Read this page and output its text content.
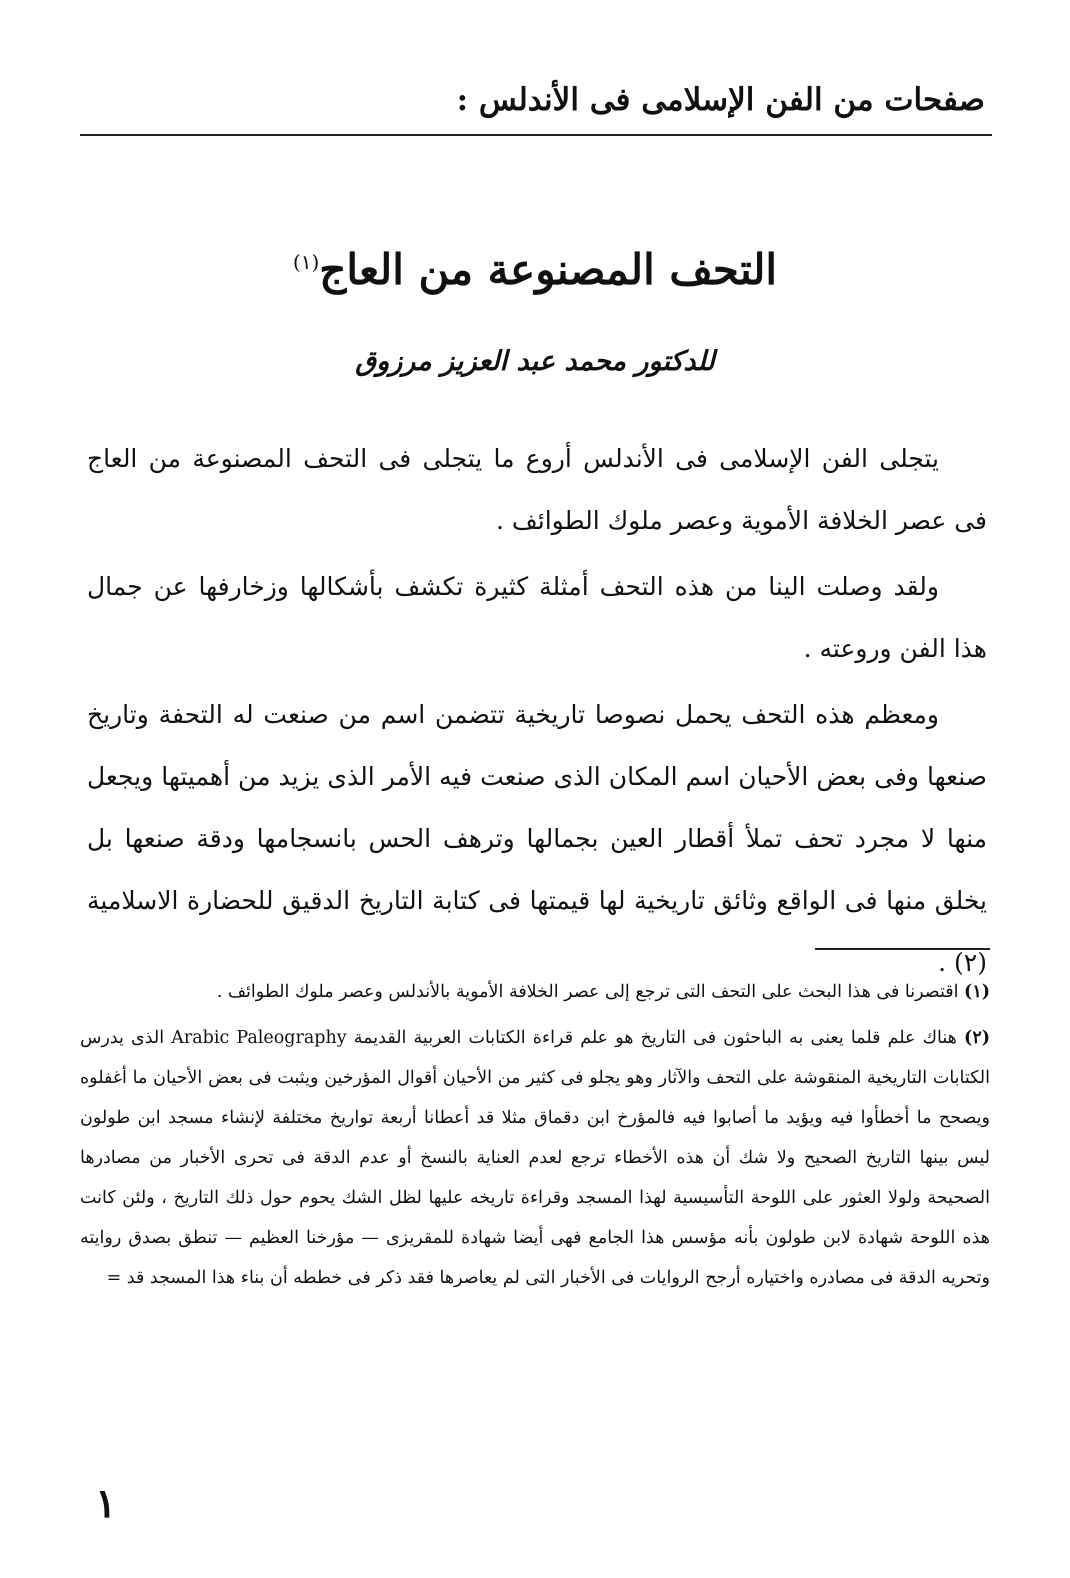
صفحات من الفن الإسلامى فى الأندلس :
التحف المصنوعة من العاج$^{(١)}$
للدكتور محمد عبد العزيز مرزوق

يتجلى الفن الإسلامى فى الأندلس أروع ما يتجلى فى التحف المصنوعة من العاج فى عصر الخلافة الأموية وعصر ملوك الطوائف .

ولقد وصلت الينا من هذه التحف أمثلة كثيرة تكشف بأشكالها وزخارفها عن جمال هذا الفن وروعته .

ومعظم هذه التحف يحمل نصوصا تاريخية تتضمن اسم من صنعت له التحفة وتاريخ صنعها وفى بعض الأحيان اسم المكان الذى صنعت فيه الأمر الذى يزيد من أهميتها ويجعل منها لا مجرد تحف تملأ أقطار العين بجمالها وترهف الحس بانسجامها ودقة صنعها بل يخلق منها فى الواقع وثائق تاريخية لها قيمتها فى كتابة التاريخ الدقيق للحضارة الاسلامية (٢) .

(١) اقتصرنا فى هذا البحث على التحف التى ترجع إلى عصر الخلافة الأموية بالأندلس وعصر ملوك الطوائف .

(٢) هناك علم قلما يعنى به الباحثون فى التاريخ هو علم قراءة الكتابات العربية القديمة Arabic Paleography الذى يدرس الكتابات التاريخية المنقوشة على التحف والآثار وهو يجلو فى كثير من الأحيان أقوال المؤرخين ويثبت فى بعض الأحيان ما أغفلوه ويصحح ما أخطأوا فيه ويؤيد ما أصابوا فيه فالمؤرخ ابن دقماق مثلا قد أعطانا أربعة تواريخ مختلفة لإنشاء مسجد ابن طولون ليس بينها التاريخ الصحيح ولا شك أن هذه الأخطاء ترجع لعدم العناية بالنسخ أو عدم الدقة فى تحرى الأخبار من مصادرها الصحيحة ولولا العثور على اللوحة التأسيسية لهذا المسجد وقراءة تاريخه عليها لظل الشك يحوم حول ذلك التاريخ ، ولئن كانت هذه اللوحة شهادة لابن طولون بأنه مؤسس هذا الجامع فهى أيضا شهادة للمقريزى — مؤرخنا العظيم — تنطق بصدق روايته وتحريه الدقة فى مصادره واختياره أرجح الروايات فى الأخبار التى لم يعاصرها فقد ذكر فى خططه أن بناء هذا المسجد قد =

١
